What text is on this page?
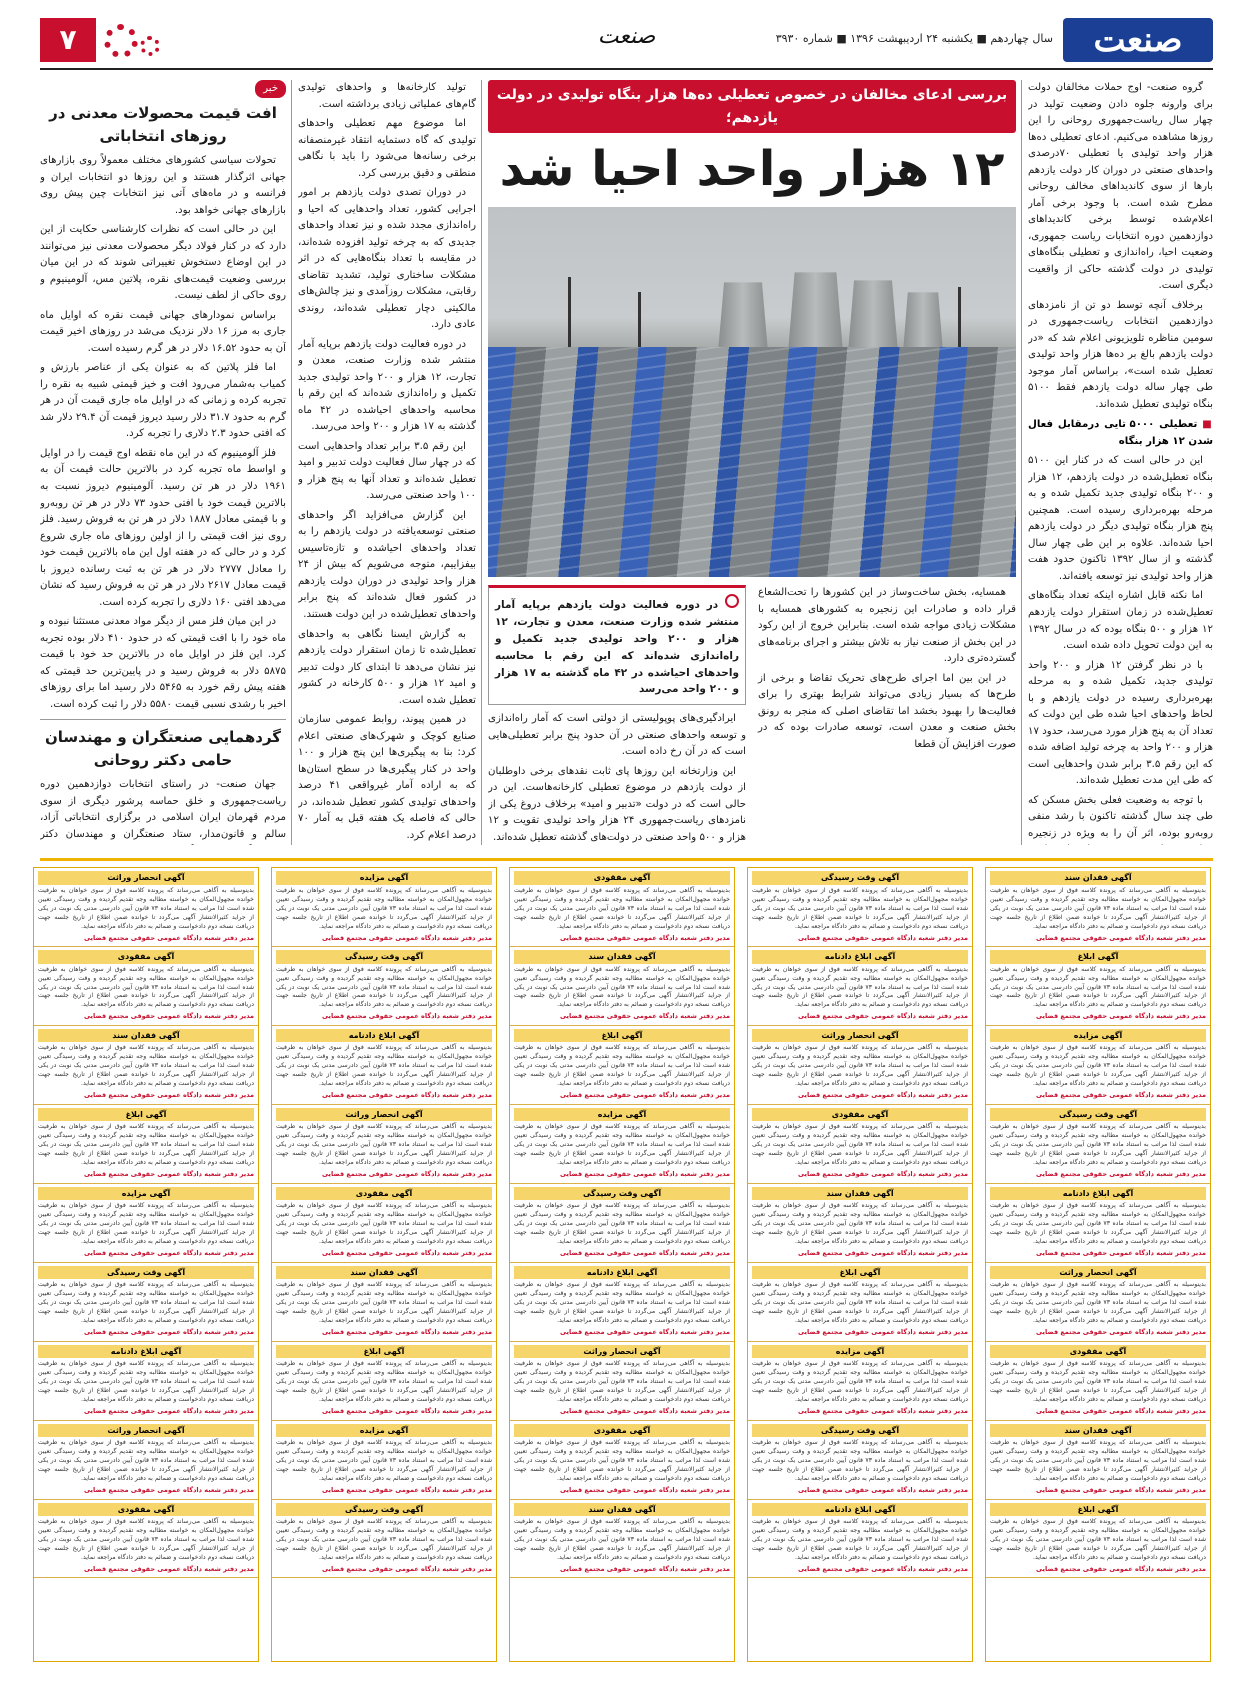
صنعت
سال چهاردهم ■ یکشنبه ۲۴ اردیبهشت ۱۳۹۶ ■ شماره ۳۹۳۰
صنعت
۷

گروه صنعت- اوج حملات مخالفان دولت برای وارونه جلوه دادن وضعیت تولید در چهار سال ریاست‌جمهوری روحانی را این روزها مشاهده می‌کنیم. ادعای تعطیلی ده‌ها هزار واحد تولیدی یا تعطیلی ۷۰درصدی واحدهای صنعتی در دوران کار دولت یازدهم بارها از سوی کاندیداهای مخالف روحانی مطرح شده است. با وجود برخی آمار اعلام‌شده توسط برخی کاندیداهای دوازدهمین دوره انتخابات ریاست جمهوری، وضعیت احیا، راه‌اندازی و تعطیلی بنگاه‌های تولیدی در دولت گذشته حاکی از واقعیت دیگری است.

برخلاف آنچه توسط دو تن از نامزدهای دوازدهمین انتخابات ریاست‌جمهوری در سومین مناظره تلویزیونی اعلام شد که «در دولت یازدهم بالغ بر ده‌ها هزار واحد تولیدی تعطیل شده است»، براساس آمار موجود طی چهار ساله دولت یازدهم فقط ۵۱۰۰ بنگاه تولیدی تعطیل شده‌اند.

■ تعطیلی ۵۰۰۰ تایی درمقابل فعال شدن ۱۲ هزار بنگاه

این در حالی است که در کنار این ۵۱۰۰ بنگاه تعطیل‌شده در دولت یازدهم، ۱۲ هزار و ۲۰۰ بنگاه تولیدی جدید تکمیل شده و به مرحله بهره‌برداری رسیده است. همچنین پنج هزار بنگاه تولیدی دیگر در دولت یازدهم احیا شده‌اند. علاوه بر این طی چهار سال گذشته و از سال ۱۳۹۲ تاکنون حدود هفت هزار واحد تولیدی نیز توسعه یافته‌اند.

اما نکته قابل اشاره اینکه تعداد بنگاه‌های تعطیل‌شده در زمان استقرار دولت یازدهم ۱۲ هزار و ۵۰۰ بنگاه بوده که در سال ۱۳۹۲ به این دولت تحویل داده شده است.

با در نظر گرفتن ۱۲ هزار و ۲۰۰ واحد تولیدی جدید، تکمیل شده و به مرحله بهره‌برداری رسیده در دولت یازدهم و با لحاظ واحدهای احیا شده طی این دولت که تعداد آن به پنج هزار مورد می‌رسد، حدود ۱۷ هزار و ۲۰۰ واحد به چرخه تولید اضافه شده که این رقم ۳.۵ برابر شدن واحدهایی است که طی این مدت تعطیل شده‌اند.

با توجه به وضعیت فعلی بخش مسکن که طی چند سال گذشته تاکنون با رشد منفی روبه‌رو بوده، اثر آن را به ویژه در زنجیره

بررسی ادعای مخالفان در خصوص تعطیلی ده‌ها هزار بنگاه تولیدی در دولت یازدهم؛
۱۲ هزار واحد احیا شد

همسایه، بخش ساخت‌وساز در این کشورها را تحت‌الشعاع قرار داده و صادرات این زنجیره به کشورهای همسایه با مشکلات زیادی مواجه شده است. بنابراین خروج از این رکود در این بخش از صنعت نیاز به تلاش بیشتر و اجرای برنامه‌های گسترده‌تری دارد.

در این بین اما اجرای طرح‌های تحریک تقاضا و برخی از طرح‌ها که بسیار زیادی می‌تواند شرایط بهتری را برای فعالیت‌ها را بهبود بخشد اما تقاضای اصلی که منجر به رونق بخش صنعت و معدن است، توسعه صادرات بوده که در صورت افزایش آن قطعا

در دوره فعالیت دولت یازدهم برپایه آمار منتشر شده وزارت صنعت، معدن و تجارت، ۱۲ هزار و ۲۰۰ واحد تولیدی جدید تکمیل و راه‌اندازی شده‌اند که این رقم با محاسبه واحدهای احیا‌شده در ۴۲ ماه گذشته به ۱۷ هزار و ۲۰۰ واحد می‌رسد

ایرادگیری‌های پوپولیستی از دولتی است که آمار راه‌اندازی و توسعه واحدهای صنعتی در آن حدود پنج برابر تعطیلی‌هایی است که در آن رخ داده است.

این وزارتخانه این روزها پای ثابت نقدهای برخی داوطلبان از دولت یازدهم در موضوع تعطیلی کارخانه‌هاست. این در حالی است که در دولت «تدبیر و امید» برخلاف دروغ یکی از نامزدهای ریاست‌جمهوری ۲۴ هزار واحد تولیدی تقویت و ۱۲ هزار و ۵۰۰ واحد صنعتی در دولت‌های گذشته تعطیل شده‌اند.

تولید کارخانه‌ها و واحدهای تولیدی گام‌های عملیاتی زیادی برداشته است.

اما موضوع مهم تعطیلی واحدهای تولیدی که گاه دستمایه انتقاد غیرمنصفانه برخی رسانه‌ها می‌شود را باید با نگاهی منطقی و دقیق بررسی کرد.

در دوران تصدی دولت یازدهم بر امور اجرایی کشور، تعداد واحدهایی که احیا و راه‌اندازی مجدد شده و نیز تعداد واحدهای جدیدی که به چرخه تولید افزوده شده‌اند، در مقایسه با تعداد بنگاه‌هایی که در اثر مشکلات ساختاری تولید، تشدید تقاضای رقابتی، مشکلات روزآمدی و نیز چالش‌های مالکیتی دچار تعطیلی شده‌اند، روندی عادی دارد.

در دوره فعالیت دولت یازدهم برپایه آمار منتشر شده وزارت صنعت، معدن و تجارت، ۱۲ هزار و ۲۰۰ واحد تولیدی جدید تکمیل و راه‌اندازی شده‌اند که این رقم با محاسبه واحدهای احیا‌شده در ۴۲ ماه گذشته به ۱۷ هزار و ۲۰۰ واحد می‌رسد.

این رقم ۳.۵ برابر تعداد واحدهایی است که در چهار سال فعالیت دولت تدبیر و امید تعطیل شده‌اند و تعداد آنها به پنج هزار و ۱۰۰ واحد صنعتی می‌رسد.

این گزارش می‌افزاید اگر واحدهای صنعتی توسعه‌یافته در دولت یازدهم را به تعداد واحدهای احیا‌شده و تازه‌تاسیس بیفزاییم، متوجه می‌شویم که بیش از ۲۴ هزار واحد تولیدی در دوران دولت یازدهم در کشور فعال شده‌اند که پنج برابر واحدهای تعطیل‌شده در این دولت هستند.

به گزارش ایسنا نگاهی به واحدهای تعطیل‌شده تا زمان استقرار دولت یازدهم نیز نشان می‌دهد تا ابتدای کار دولت تدبیر و امید ۱۲ هزار و ۵۰۰ کارخانه در کشور تعطیل شده است.

در همین پیوند، روابط عمومی سازمان صنایع کوچک و شهرک‌های صنعتی اعلام کرد: بنا به پیگیری‌ها این پنج هزار و ۱۰۰ واحد در کنار پیگیری‌ها در سطح استان‌ها که به اراده آمار غیرواقعی ۴۱ درصد واحدهای تولیدی کشور تعطیل شده‌اند، در حالی که فاصله یک هفته قبل به آمار ۷۰ درصد اعلام کرد.

خبر
افت قیمت محصولات معدنی در روزهای انتخاباتی

تحولات سیاسی کشورهای مختلف معمولاً روی بازارهای جهانی اثرگذار هستند و این روزها دو انتخابات ایران و فرانسه و در ماه‌های آتی نیز انتخابات چین پیش روی بازارهای جهانی خواهد بود.

این در حالی است که نظرات کارشناسی حکایت از این دارد که در کنار فولاد دیگر محصولات معدنی نیز می‌توانند در این اوضاع دستخوش تغییراتی شوند که در این میان بررسی وضعیت قیمت‌های نقره، پلاتین مس، آلومینیوم و روی حاکی از لطف نیست.

براساس نمودارهای جهانی قیمت نقره که اوایل ماه جاری به مرز ۱۶ دلار نزدیک می‌شد در روزهای اخیر قیمت آن به حدود ۱۶.۵۲ دلار در هر گرم رسیده است.

اما فلز پلاتین که به عنوان یکی از عناصر بارزش و کمیاب به‌شمار می‌رود افت و خیز قیمتی شبیه به نقره را تجربه کرده و زمانی که در اوایل ماه جاری قیمت آن در هر گرم به حدود ۳۱.۷ دلار رسید دیروز قیمت آن ۲۹.۴ دلار شد که افتی حدود ۲.۳ دلاری را تجربه کرد.

فلز آلومینیوم که در این ماه نقطه اوج قیمت را در اوایل و اواسط ماه تجربه کرد در بالاترین حالت قیمت آن به ۱۹۶۱ دلار در هر تن رسید. آلومینیوم دیروز نسبت به بالاترین قیمت خود با افتی حدود ۷۳ دلار در هر تن روبه‌رو و با قیمتی معادل ۱۸۸۷ دلار در هر تن به فروش رسید. فلز روی نیز افت قیمتی را از اولین روزهای ماه جاری شروع کرد و در حالی که در هفته اول این ماه بالاترین قیمت خود را معادل ۲۷۷۷ دلار در هر تن به ثبت رسانده دیروز با قیمت معادل ۲۶۱۷ دلار در هر تن به فروش رسید که نشان می‌دهد افتی ۱۶۰ دلاری را تجربه کرده است.

در این میان فلز مس از دیگر مواد معدنی مستثنا نبوده و ماه خود را با افت قیمتی که در حدود ۴۱۰ دلار بوده تجربه کرد. این فلز در اوایل ماه در بالاترین حد خود با قیمت ۵۸۷۵ دلار به فروش رسید و در پایین‌ترین حد قیمتی که هفته پیش رقم خورد به ۵۴۶۵ دلار رسید اما برای روزهای اخیر با رشدی نسبی قیمت ۵۵۸۰ دلار را ثبت کرده است.

گردهمایی صنعتگران و مهندسان حامی دکتر روحانی

جهان صنعت- در راستای انتخابات دوازدهمین دوره ریاست‌جمهوری و خلق حماسه پرشور دیگری از سوی مردم قهرمان ایران اسلامی در برگزاری انتخاباتی آزاد، سالم و قانون‌مدار، ستاد صنعتگران و مهندسان دکتر

آگهی فقدان سند
بدینوسیله به آگاهی می‌رساند که پرونده کلاسه فوق از سوی خواهان به طرفیت خوانده مجهول‌المکان به خواسته مطالبه وجه تقدیم گردیده و وقت رسیدگی تعیین شده است لذا مراتب به استناد ماده ۷۳ قانون آیین دادرسی مدنی یک نوبت در یکی از جراید کثیرالانتشار آگهی می‌گردد تا خوانده ضمن اطلاع از تاریخ جلسه جهت دریافت نسخه دوم دادخواست و ضمائم به دفتر دادگاه مراجعه نماید.
مدیر دفتر شعبه دادگاه عمومی حقوقی مجتمع قضایی
آگهی ابلاغ
بدینوسیله به آگاهی می‌رساند که پرونده کلاسه فوق از سوی خواهان به طرفیت خوانده مجهول‌المکان به خواسته مطالبه وجه تقدیم گردیده و وقت رسیدگی تعیین شده است لذا مراتب به استناد ماده ۷۳ قانون آیین دادرسی مدنی یک نوبت در یکی از جراید کثیرالانتشار آگهی می‌گردد تا خوانده ضمن اطلاع از تاریخ جلسه جهت دریافت نسخه دوم دادخواست و ضمائم به دفتر دادگاه مراجعه نماید.
مدیر دفتر شعبه دادگاه عمومی حقوقی مجتمع قضایی
آگهی مزایده
بدینوسیله به آگاهی می‌رساند که پرونده کلاسه فوق از سوی خواهان به طرفیت خوانده مجهول‌المکان به خواسته مطالبه وجه تقدیم گردیده و وقت رسیدگی تعیین شده است لذا مراتب به استناد ماده ۷۳ قانون آیین دادرسی مدنی یک نوبت در یکی از جراید کثیرالانتشار آگهی می‌گردد تا خوانده ضمن اطلاع از تاریخ جلسه جهت دریافت نسخه دوم دادخواست و ضمائم به دفتر دادگاه مراجعه نماید.
مدیر دفتر شعبه دادگاه عمومی حقوقی مجتمع قضایی
آگهی وقت رسیدگی
بدینوسیله به آگاهی می‌رساند که پرونده کلاسه فوق از سوی خواهان به طرفیت خوانده مجهول‌المکان به خواسته مطالبه وجه تقدیم گردیده و وقت رسیدگی تعیین شده است لذا مراتب به استناد ماده ۷۳ قانون آیین دادرسی مدنی یک نوبت در یکی از جراید کثیرالانتشار آگهی می‌گردد تا خوانده ضمن اطلاع از تاریخ جلسه جهت دریافت نسخه دوم دادخواست و ضمائم به دفتر دادگاه مراجعه نماید.
مدیر دفتر شعبه دادگاه عمومی حقوقی مجتمع قضایی
آگهی ابلاغ دادنامه
بدینوسیله به آگاهی می‌رساند که پرونده کلاسه فوق از سوی خواهان به طرفیت خوانده مجهول‌المکان به خواسته مطالبه وجه تقدیم گردیده و وقت رسیدگی تعیین شده است لذا مراتب به استناد ماده ۷۳ قانون آیین دادرسی مدنی یک نوبت در یکی از جراید کثیرالانتشار آگهی می‌گردد تا خوانده ضمن اطلاع از تاریخ جلسه جهت دریافت نسخه دوم دادخواست و ضمائم به دفتر دادگاه مراجعه نماید.
مدیر دفتر شعبه دادگاه عمومی حقوقی مجتمع قضایی
آگهی انحصار وراثت
بدینوسیله به آگاهی می‌رساند که پرونده کلاسه فوق از سوی خواهان به طرفیت خوانده مجهول‌المکان به خواسته مطالبه وجه تقدیم گردیده و وقت رسیدگی تعیین شده است لذا مراتب به استناد ماده ۷۳ قانون آیین دادرسی مدنی یک نوبت در یکی از جراید کثیرالانتشار آگهی می‌گردد تا خوانده ضمن اطلاع از تاریخ جلسه جهت دریافت نسخه دوم دادخواست و ضمائم به دفتر دادگاه مراجعه نماید.
مدیر دفتر شعبه دادگاه عمومی حقوقی مجتمع قضایی
آگهی مفقودی
بدینوسیله به آگاهی می‌رساند که پرونده کلاسه فوق از سوی خواهان به طرفیت خوانده مجهول‌المکان به خواسته مطالبه وجه تقدیم گردیده و وقت رسیدگی تعیین شده است لذا مراتب به استناد ماده ۷۳ قانون آیین دادرسی مدنی یک نوبت در یکی از جراید کثیرالانتشار آگهی می‌گردد تا خوانده ضمن اطلاع از تاریخ جلسه جهت دریافت نسخه دوم دادخواست و ضمائم به دفتر دادگاه مراجعه نماید.
مدیر دفتر شعبه دادگاه عمومی حقوقی مجتمع قضایی
آگهی فقدان سند
بدینوسیله به آگاهی می‌رساند که پرونده کلاسه فوق از سوی خواهان به طرفیت خوانده مجهول‌المکان به خواسته مطالبه وجه تقدیم گردیده و وقت رسیدگی تعیین شده است لذا مراتب به استناد ماده ۷۳ قانون آیین دادرسی مدنی یک نوبت در یکی از جراید کثیرالانتشار آگهی می‌گردد تا خوانده ضمن اطلاع از تاریخ جلسه جهت دریافت نسخه دوم دادخواست و ضمائم به دفتر دادگاه مراجعه نماید.
مدیر دفتر شعبه دادگاه عمومی حقوقی مجتمع قضایی
آگهی ابلاغ
بدینوسیله به آگاهی می‌رساند که پرونده کلاسه فوق از سوی خواهان به طرفیت خوانده مجهول‌المکان به خواسته مطالبه وجه تقدیم گردیده و وقت رسیدگی تعیین شده است لذا مراتب به استناد ماده ۷۳ قانون آیین دادرسی مدنی یک نوبت در یکی از جراید کثیرالانتشار آگهی می‌گردد تا خوانده ضمن اطلاع از تاریخ جلسه جهت دریافت نسخه دوم دادخواست و ضمائم به دفتر دادگاه مراجعه نماید.
مدیر دفتر شعبه دادگاه عمومی حقوقی مجتمع قضایی
آگهی وقت رسیدگی
بدینوسیله به آگاهی می‌رساند که پرونده کلاسه فوق از سوی خواهان به طرفیت خوانده مجهول‌المکان به خواسته مطالبه وجه تقدیم گردیده و وقت رسیدگی تعیین شده است لذا مراتب به استناد ماده ۷۳ قانون آیین دادرسی مدنی یک نوبت در یکی از جراید کثیرالانتشار آگهی می‌گردد تا خوانده ضمن اطلاع از تاریخ جلسه جهت دریافت نسخه دوم دادخواست و ضمائم به دفتر دادگاه مراجعه نماید.
مدیر دفتر شعبه دادگاه عمومی حقوقی مجتمع قضایی
آگهی ابلاغ دادنامه
بدینوسیله به آگاهی می‌رساند که پرونده کلاسه فوق از سوی خواهان به طرفیت خوانده مجهول‌المکان به خواسته مطالبه وجه تقدیم گردیده و وقت رسیدگی تعیین شده است لذا مراتب به استناد ماده ۷۳ قانون آیین دادرسی مدنی یک نوبت در یکی از جراید کثیرالانتشار آگهی می‌گردد تا خوانده ضمن اطلاع از تاریخ جلسه جهت دریافت نسخه دوم دادخواست و ضمائم به دفتر دادگاه مراجعه نماید.
مدیر دفتر شعبه دادگاه عمومی حقوقی مجتمع قضایی
آگهی انحصار وراثت
بدینوسیله به آگاهی می‌رساند که پرونده کلاسه فوق از سوی خواهان به طرفیت خوانده مجهول‌المکان به خواسته مطالبه وجه تقدیم گردیده و وقت رسیدگی تعیین شده است لذا مراتب به استناد ماده ۷۳ قانون آیین دادرسی مدنی یک نوبت در یکی از جراید کثیرالانتشار آگهی می‌گردد تا خوانده ضمن اطلاع از تاریخ جلسه جهت دریافت نسخه دوم دادخواست و ضمائم به دفتر دادگاه مراجعه نماید.
مدیر دفتر شعبه دادگاه عمومی حقوقی مجتمع قضایی
آگهی مفقودی
بدینوسیله به آگاهی می‌رساند که پرونده کلاسه فوق از سوی خواهان به طرفیت خوانده مجهول‌المکان به خواسته مطالبه وجه تقدیم گردیده و وقت رسیدگی تعیین شده است لذا مراتب به استناد ماده ۷۳ قانون آیین دادرسی مدنی یک نوبت در یکی از جراید کثیرالانتشار آگهی می‌گردد تا خوانده ضمن اطلاع از تاریخ جلسه جهت دریافت نسخه دوم دادخواست و ضمائم به دفتر دادگاه مراجعه نماید.
مدیر دفتر شعبه دادگاه عمومی حقوقی مجتمع قضایی
آگهی فقدان سند
بدینوسیله به آگاهی می‌رساند که پرونده کلاسه فوق از سوی خواهان به طرفیت خوانده مجهول‌المکان به خواسته مطالبه وجه تقدیم گردیده و وقت رسیدگی تعیین شده است لذا مراتب به استناد ماده ۷۳ قانون آیین دادرسی مدنی یک نوبت در یکی از جراید کثیرالانتشار آگهی می‌گردد تا خوانده ضمن اطلاع از تاریخ جلسه جهت دریافت نسخه دوم دادخواست و ضمائم به دفتر دادگاه مراجعه نماید.
مدیر دفتر شعبه دادگاه عمومی حقوقی مجتمع قضایی
آگهی ابلاغ
بدینوسیله به آگاهی می‌رساند که پرونده کلاسه فوق از سوی خواهان به طرفیت خوانده مجهول‌المکان به خواسته مطالبه وجه تقدیم گردیده و وقت رسیدگی تعیین شده است لذا مراتب به استناد ماده ۷۳ قانون آیین دادرسی مدنی یک نوبت در یکی از جراید کثیرالانتشار آگهی می‌گردد تا خوانده ضمن اطلاع از تاریخ جلسه جهت دریافت نسخه دوم دادخواست و ضمائم به دفتر دادگاه مراجعه نماید.
مدیر دفتر شعبه دادگاه عمومی حقوقی مجتمع قضایی
آگهی مزایده
بدینوسیله به آگاهی می‌رساند که پرونده کلاسه فوق از سوی خواهان به طرفیت خوانده مجهول‌المکان به خواسته مطالبه وجه تقدیم گردیده و وقت رسیدگی تعیین شده است لذا مراتب به استناد ماده ۷۳ قانون آیین دادرسی مدنی یک نوبت در یکی از جراید کثیرالانتشار آگهی می‌گردد تا خوانده ضمن اطلاع از تاریخ جلسه جهت دریافت نسخه دوم دادخواست و ضمائم به دفتر دادگاه مراجعه نماید.
مدیر دفتر شعبه دادگاه عمومی حقوقی مجتمع قضایی
آگهی وقت رسیدگی
بدینوسیله به آگاهی می‌رساند که پرونده کلاسه فوق از سوی خواهان به طرفیت خوانده مجهول‌المکان به خواسته مطالبه وجه تقدیم گردیده و وقت رسیدگی تعیین شده است لذا مراتب به استناد ماده ۷۳ قانون آیین دادرسی مدنی یک نوبت در یکی از جراید کثیرالانتشار آگهی می‌گردد تا خوانده ضمن اطلاع از تاریخ جلسه جهت دریافت نسخه دوم دادخواست و ضمائم به دفتر دادگاه مراجعه نماید.
مدیر دفتر شعبه دادگاه عمومی حقوقی مجتمع قضایی
آگهی ابلاغ دادنامه
بدینوسیله به آگاهی می‌رساند که پرونده کلاسه فوق از سوی خواهان به طرفیت خوانده مجهول‌المکان به خواسته مطالبه وجه تقدیم گردیده و وقت رسیدگی تعیین شده است لذا مراتب به استناد ماده ۷۳ قانون آیین دادرسی مدنی یک نوبت در یکی از جراید کثیرالانتشار آگهی می‌گردد تا خوانده ضمن اطلاع از تاریخ جلسه جهت دریافت نسخه دوم دادخواست و ضمائم به دفتر دادگاه مراجعه نماید.
مدیر دفتر شعبه دادگاه عمومی حقوقی مجتمع قضایی
آگهی مفقودی
بدینوسیله به آگاهی می‌رساند که پرونده کلاسه فوق از سوی خواهان به طرفیت خوانده مجهول‌المکان به خواسته مطالبه وجه تقدیم گردیده و وقت رسیدگی تعیین شده است لذا مراتب به استناد ماده ۷۳ قانون آیین دادرسی مدنی یک نوبت در یکی از جراید کثیرالانتشار آگهی می‌گردد تا خوانده ضمن اطلاع از تاریخ جلسه جهت دریافت نسخه دوم دادخواست و ضمائم به دفتر دادگاه مراجعه نماید.
مدیر دفتر شعبه دادگاه عمومی حقوقی مجتمع قضایی
آگهی فقدان سند
بدینوسیله به آگاهی می‌رساند که پرونده کلاسه فوق از سوی خواهان به طرفیت خوانده مجهول‌المکان به خواسته مطالبه وجه تقدیم گردیده و وقت رسیدگی تعیین شده است لذا مراتب به استناد ماده ۷۳ قانون آیین دادرسی مدنی یک نوبت در یکی از جراید کثیرالانتشار آگهی می‌گردد تا خوانده ضمن اطلاع از تاریخ جلسه جهت دریافت نسخه دوم دادخواست و ضمائم به دفتر دادگاه مراجعه نماید.
مدیر دفتر شعبه دادگاه عمومی حقوقی مجتمع قضایی
آگهی ابلاغ
بدینوسیله به آگاهی می‌رساند که پرونده کلاسه فوق از سوی خواهان به طرفیت خوانده مجهول‌المکان به خواسته مطالبه وجه تقدیم گردیده و وقت رسیدگی تعیین شده است لذا مراتب به استناد ماده ۷۳ قانون آیین دادرسی مدنی یک نوبت در یکی از جراید کثیرالانتشار آگهی می‌گردد تا خوانده ضمن اطلاع از تاریخ جلسه جهت دریافت نسخه دوم دادخواست و ضمائم به دفتر دادگاه مراجعه نماید.
مدیر دفتر شعبه دادگاه عمومی حقوقی مجتمع قضایی
آگهی مزایده
بدینوسیله به آگاهی می‌رساند که پرونده کلاسه فوق از سوی خواهان به طرفیت خوانده مجهول‌المکان به خواسته مطالبه وجه تقدیم گردیده و وقت رسیدگی تعیین شده است لذا مراتب به استناد ماده ۷۳ قانون آیین دادرسی مدنی یک نوبت در یکی از جراید کثیرالانتشار آگهی می‌گردد تا خوانده ضمن اطلاع از تاریخ جلسه جهت دریافت نسخه دوم دادخواست و ضمائم به دفتر دادگاه مراجعه نماید.
مدیر دفتر شعبه دادگاه عمومی حقوقی مجتمع قضایی
آگهی وقت رسیدگی
بدینوسیله به آگاهی می‌رساند که پرونده کلاسه فوق از سوی خواهان به طرفیت خوانده مجهول‌المکان به خواسته مطالبه وجه تقدیم گردیده و وقت رسیدگی تعیین شده است لذا مراتب به استناد ماده ۷۳ قانون آیین دادرسی مدنی یک نوبت در یکی از جراید کثیرالانتشار آگهی می‌گردد تا خوانده ضمن اطلاع از تاریخ جلسه جهت دریافت نسخه دوم دادخواست و ضمائم به دفتر دادگاه مراجعه نماید.
مدیر دفتر شعبه دادگاه عمومی حقوقی مجتمع قضایی
آگهی ابلاغ دادنامه
بدینوسیله به آگاهی می‌رساند که پرونده کلاسه فوق از سوی خواهان به طرفیت خوانده مجهول‌المکان به خواسته مطالبه وجه تقدیم گردیده و وقت رسیدگی تعیین شده است لذا مراتب به استناد ماده ۷۳ قانون آیین دادرسی مدنی یک نوبت در یکی از جراید کثیرالانتشار آگهی می‌گردد تا خوانده ضمن اطلاع از تاریخ جلسه جهت دریافت نسخه دوم دادخواست و ضمائم به دفتر دادگاه مراجعه نماید.
مدیر دفتر شعبه دادگاه عمومی حقوقی مجتمع قضایی
آگهی انحصار وراثت
بدینوسیله به آگاهی می‌رساند که پرونده کلاسه فوق از سوی خواهان به طرفیت خوانده مجهول‌المکان به خواسته مطالبه وجه تقدیم گردیده و وقت رسیدگی تعیین شده است لذا مراتب به استناد ماده ۷۳ قانون آیین دادرسی مدنی یک نوبت در یکی از جراید کثیرالانتشار آگهی می‌گردد تا خوانده ضمن اطلاع از تاریخ جلسه جهت دریافت نسخه دوم دادخواست و ضمائم به دفتر دادگاه مراجعه نماید.
مدیر دفتر شعبه دادگاه عمومی حقوقی مجتمع قضایی
آگهی مفقودی
بدینوسیله به آگاهی می‌رساند که پرونده کلاسه فوق از سوی خواهان به طرفیت خوانده مجهول‌المکان به خواسته مطالبه وجه تقدیم گردیده و وقت رسیدگی تعیین شده است لذا مراتب به استناد ماده ۷۳ قانون آیین دادرسی مدنی یک نوبت در یکی از جراید کثیرالانتشار آگهی می‌گردد تا خوانده ضمن اطلاع از تاریخ جلسه جهت دریافت نسخه دوم دادخواست و ضمائم به دفتر دادگاه مراجعه نماید.
مدیر دفتر شعبه دادگاه عمومی حقوقی مجتمع قضایی
آگهی فقدان سند
بدینوسیله به آگاهی می‌رساند که پرونده کلاسه فوق از سوی خواهان به طرفیت خوانده مجهول‌المکان به خواسته مطالبه وجه تقدیم گردیده و وقت رسیدگی تعیین شده است لذا مراتب به استناد ماده ۷۳ قانون آیین دادرسی مدنی یک نوبت در یکی از جراید کثیرالانتشار آگهی می‌گردد تا خوانده ضمن اطلاع از تاریخ جلسه جهت دریافت نسخه دوم دادخواست و ضمائم به دفتر دادگاه مراجعه نماید.
مدیر دفتر شعبه دادگاه عمومی حقوقی مجتمع قضایی
آگهی مزایده
بدینوسیله به آگاهی می‌رساند که پرونده کلاسه فوق از سوی خواهان به طرفیت خوانده مجهول‌المکان به خواسته مطالبه وجه تقدیم گردیده و وقت رسیدگی تعیین شده است لذا مراتب به استناد ماده ۷۳ قانون آیین دادرسی مدنی یک نوبت در یکی از جراید کثیرالانتشار آگهی می‌گردد تا خوانده ضمن اطلاع از تاریخ جلسه جهت دریافت نسخه دوم دادخواست و ضمائم به دفتر دادگاه مراجعه نماید.
مدیر دفتر شعبه دادگاه عمومی حقوقی مجتمع قضایی
آگهی وقت رسیدگی
بدینوسیله به آگاهی می‌رساند که پرونده کلاسه فوق از سوی خواهان به طرفیت خوانده مجهول‌المکان به خواسته مطالبه وجه تقدیم گردیده و وقت رسیدگی تعیین شده است لذا مراتب به استناد ماده ۷۳ قانون آیین دادرسی مدنی یک نوبت در یکی از جراید کثیرالانتشار آگهی می‌گردد تا خوانده ضمن اطلاع از تاریخ جلسه جهت دریافت نسخه دوم دادخواست و ضمائم به دفتر دادگاه مراجعه نماید.
مدیر دفتر شعبه دادگاه عمومی حقوقی مجتمع قضایی
آگهی ابلاغ دادنامه
بدینوسیله به آگاهی می‌رساند که پرونده کلاسه فوق از سوی خواهان به طرفیت خوانده مجهول‌المکان به خواسته مطالبه وجه تقدیم گردیده و وقت رسیدگی تعیین شده است لذا مراتب به استناد ماده ۷۳ قانون آیین دادرسی مدنی یک نوبت در یکی از جراید کثیرالانتشار آگهی می‌گردد تا خوانده ضمن اطلاع از تاریخ جلسه جهت دریافت نسخه دوم دادخواست و ضمائم به دفتر دادگاه مراجعه نماید.
مدیر دفتر شعبه دادگاه عمومی حقوقی مجتمع قضایی
آگهی انحصار وراثت
بدینوسیله به آگاهی می‌رساند که پرونده کلاسه فوق از سوی خواهان به طرفیت خوانده مجهول‌المکان به خواسته مطالبه وجه تقدیم گردیده و وقت رسیدگی تعیین شده است لذا مراتب به استناد ماده ۷۳ قانون آیین دادرسی مدنی یک نوبت در یکی از جراید کثیرالانتشار آگهی می‌گردد تا خوانده ضمن اطلاع از تاریخ جلسه جهت دریافت نسخه دوم دادخواست و ضمائم به دفتر دادگاه مراجعه نماید.
مدیر دفتر شعبه دادگاه عمومی حقوقی مجتمع قضایی
آگهی مفقودی
بدینوسیله به آگاهی می‌رساند که پرونده کلاسه فوق از سوی خواهان به طرفیت خوانده مجهول‌المکان به خواسته مطالبه وجه تقدیم گردیده و وقت رسیدگی تعیین شده است لذا مراتب به استناد ماده ۷۳ قانون آیین دادرسی مدنی یک نوبت در یکی از جراید کثیرالانتشار آگهی می‌گردد تا خوانده ضمن اطلاع از تاریخ جلسه جهت دریافت نسخه دوم دادخواست و ضمائم به دفتر دادگاه مراجعه نماید.
مدیر دفتر شعبه دادگاه عمومی حقوقی مجتمع قضایی
آگهی فقدان سند
بدینوسیله به آگاهی می‌رساند که پرونده کلاسه فوق از سوی خواهان به طرفیت خوانده مجهول‌المکان به خواسته مطالبه وجه تقدیم گردیده و وقت رسیدگی تعیین شده است لذا مراتب به استناد ماده ۷۳ قانون آیین دادرسی مدنی یک نوبت در یکی از جراید کثیرالانتشار آگهی می‌گردد تا خوانده ضمن اطلاع از تاریخ جلسه جهت دریافت نسخه دوم دادخواست و ضمائم به دفتر دادگاه مراجعه نماید.
مدیر دفتر شعبه دادگاه عمومی حقوقی مجتمع قضایی
آگهی ابلاغ
بدینوسیله به آگاهی می‌رساند که پرونده کلاسه فوق از سوی خواهان به طرفیت خوانده مجهول‌المکان به خواسته مطالبه وجه تقدیم گردیده و وقت رسیدگی تعیین شده است لذا مراتب به استناد ماده ۷۳ قانون آیین دادرسی مدنی یک نوبت در یکی از جراید کثیرالانتشار آگهی می‌گردد تا خوانده ضمن اطلاع از تاریخ جلسه جهت دریافت نسخه دوم دادخواست و ضمائم به دفتر دادگاه مراجعه نماید.
مدیر دفتر شعبه دادگاه عمومی حقوقی مجتمع قضایی
آگهی مزایده
بدینوسیله به آگاهی می‌رساند که پرونده کلاسه فوق از سوی خواهان به طرفیت خوانده مجهول‌المکان به خواسته مطالبه وجه تقدیم گردیده و وقت رسیدگی تعیین شده است لذا مراتب به استناد ماده ۷۳ قانون آیین دادرسی مدنی یک نوبت در یکی از جراید کثیرالانتشار آگهی می‌گردد تا خوانده ضمن اطلاع از تاریخ جلسه جهت دریافت نسخه دوم دادخواست و ضمائم به دفتر دادگاه مراجعه نماید.
مدیر دفتر شعبه دادگاه عمومی حقوقی مجتمع قضایی
آگهی وقت رسیدگی
بدینوسیله به آگاهی می‌رساند که پرونده کلاسه فوق از سوی خواهان به طرفیت خوانده مجهول‌المکان به خواسته مطالبه وجه تقدیم گردیده و وقت رسیدگی تعیین شده است لذا مراتب به استناد ماده ۷۳ قانون آیین دادرسی مدنی یک نوبت در یکی از جراید کثیرالانتشار آگهی می‌گردد تا خوانده ضمن اطلاع از تاریخ جلسه جهت دریافت نسخه دوم دادخواست و ضمائم به دفتر دادگاه مراجعه نماید.
مدیر دفتر شعبه دادگاه عمومی حقوقی مجتمع قضایی
آگهی انحصار وراثت
بدینوسیله به آگاهی می‌رساند که پرونده کلاسه فوق از سوی خواهان به طرفیت خوانده مجهول‌المکان به خواسته مطالبه وجه تقدیم گردیده و وقت رسیدگی تعیین شده است لذا مراتب به استناد ماده ۷۳ قانون آیین دادرسی مدنی یک نوبت در یکی از جراید کثیرالانتشار آگهی می‌گردد تا خوانده ضمن اطلاع از تاریخ جلسه جهت دریافت نسخه دوم دادخواست و ضمائم به دفتر دادگاه مراجعه نماید.
مدیر دفتر شعبه دادگاه عمومی حقوقی مجتمع قضایی
آگهی مفقودی
بدینوسیله به آگاهی می‌رساند که پرونده کلاسه فوق از سوی خواهان به طرفیت خوانده مجهول‌المکان به خواسته مطالبه وجه تقدیم گردیده و وقت رسیدگی تعیین شده است لذا مراتب به استناد ماده ۷۳ قانون آیین دادرسی مدنی یک نوبت در یکی از جراید کثیرالانتشار آگهی می‌گردد تا خوانده ضمن اطلاع از تاریخ جلسه جهت دریافت نسخه دوم دادخواست و ضمائم به دفتر دادگاه مراجعه نماید.
مدیر دفتر شعبه دادگاه عمومی حقوقی مجتمع قضایی
آگهی فقدان سند
بدینوسیله به آگاهی می‌رساند که پرونده کلاسه فوق از سوی خواهان به طرفیت خوانده مجهول‌المکان به خواسته مطالبه وجه تقدیم گردیده و وقت رسیدگی تعیین شده است لذا مراتب به استناد ماده ۷۳ قانون آیین دادرسی مدنی یک نوبت در یکی از جراید کثیرالانتشار آگهی می‌گردد تا خوانده ضمن اطلاع از تاریخ جلسه جهت دریافت نسخه دوم دادخواست و ضمائم به دفتر دادگاه مراجعه نماید.
مدیر دفتر شعبه دادگاه عمومی حقوقی مجتمع قضایی
آگهی ابلاغ
بدینوسیله به آگاهی می‌رساند که پرونده کلاسه فوق از سوی خواهان به طرفیت خوانده مجهول‌المکان به خواسته مطالبه وجه تقدیم گردیده و وقت رسیدگی تعیین شده است لذا مراتب به استناد ماده ۷۳ قانون آیین دادرسی مدنی یک نوبت در یکی از جراید کثیرالانتشار آگهی می‌گردد تا خوانده ضمن اطلاع از تاریخ جلسه جهت دریافت نسخه دوم دادخواست و ضمائم به دفتر دادگاه مراجعه نماید.
مدیر دفتر شعبه دادگاه عمومی حقوقی مجتمع قضایی
آگهی مزایده
بدینوسیله به آگاهی می‌رساند که پرونده کلاسه فوق از سوی خواهان به طرفیت خوانده مجهول‌المکان به خواسته مطالبه وجه تقدیم گردیده و وقت رسیدگی تعیین شده است لذا مراتب به استناد ماده ۷۳ قانون آیین دادرسی مدنی یک نوبت در یکی از جراید کثیرالانتشار آگهی می‌گردد تا خوانده ضمن اطلاع از تاریخ جلسه جهت دریافت نسخه دوم دادخواست و ضمائم به دفتر دادگاه مراجعه نماید.
مدیر دفتر شعبه دادگاه عمومی حقوقی مجتمع قضایی
آگهی وقت رسیدگی
بدینوسیله به آگاهی می‌رساند که پرونده کلاسه فوق از سوی خواهان به طرفیت خوانده مجهول‌المکان به خواسته مطالبه وجه تقدیم گردیده و وقت رسیدگی تعیین شده است لذا مراتب به استناد ماده ۷۳ قانون آیین دادرسی مدنی یک نوبت در یکی از جراید کثیرالانتشار آگهی می‌گردد تا خوانده ضمن اطلاع از تاریخ جلسه جهت دریافت نسخه دوم دادخواست و ضمائم به دفتر دادگاه مراجعه نماید.
مدیر دفتر شعبه دادگاه عمومی حقوقی مجتمع قضایی
آگهی ابلاغ دادنامه
بدینوسیله به آگاهی می‌رساند که پرونده کلاسه فوق از سوی خواهان به طرفیت خوانده مجهول‌المکان به خواسته مطالبه وجه تقدیم گردیده و وقت رسیدگی تعیین شده است لذا مراتب به استناد ماده ۷۳ قانون آیین دادرسی مدنی یک نوبت در یکی از جراید کثیرالانتشار آگهی می‌گردد تا خوانده ضمن اطلاع از تاریخ جلسه جهت دریافت نسخه دوم دادخواست و ضمائم به دفتر دادگاه مراجعه نماید.
مدیر دفتر شعبه دادگاه عمومی حقوقی مجتمع قضایی
آگهی انحصار وراثت
بدینوسیله به آگاهی می‌رساند که پرونده کلاسه فوق از سوی خواهان به طرفیت خوانده مجهول‌المکان به خواسته مطالبه وجه تقدیم گردیده و وقت رسیدگی تعیین شده است لذا مراتب به استناد ماده ۷۳ قانون آیین دادرسی مدنی یک نوبت در یکی از جراید کثیرالانتشار آگهی می‌گردد تا خوانده ضمن اطلاع از تاریخ جلسه جهت دریافت نسخه دوم دادخواست و ضمائم به دفتر دادگاه مراجعه نماید.
مدیر دفتر شعبه دادگاه عمومی حقوقی مجتمع قضایی
آگهی مفقودی
بدینوسیله به آگاهی می‌رساند که پرونده کلاسه فوق از سوی خواهان به طرفیت خوانده مجهول‌المکان به خواسته مطالبه وجه تقدیم گردیده و وقت رسیدگی تعیین شده است لذا مراتب به استناد ماده ۷۳ قانون آیین دادرسی مدنی یک نوبت در یکی از جراید کثیرالانتشار آگهی می‌گردد تا خوانده ضمن اطلاع از تاریخ جلسه جهت دریافت نسخه دوم دادخواست و ضمائم به دفتر دادگاه مراجعه نماید.
مدیر دفتر شعبه دادگاه عمومی حقوقی مجتمع قضایی
